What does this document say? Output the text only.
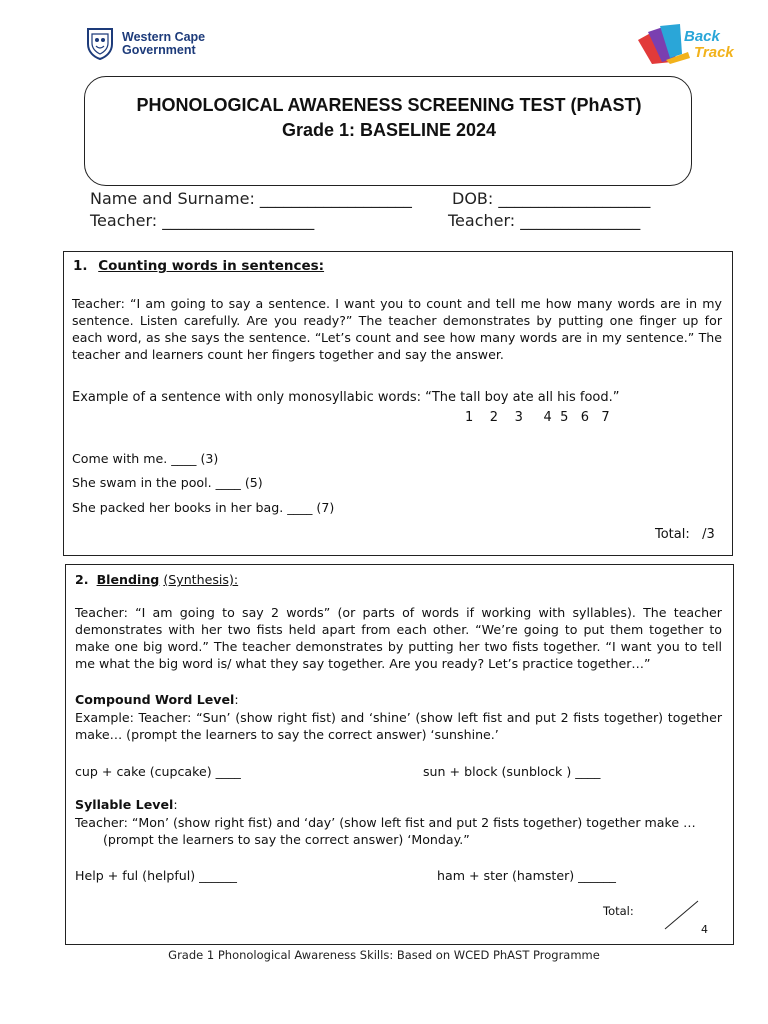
Western Cape
Government
Back
Track
PHONOLOGICAL AWARENESS SCREENING TEST (PhAST)
Grade 1: BASELINE 2024
Name and Surname: ___________________	DOB: ___________________
Teacher: ___________________	Teacher: _______________
1. Counting words in sentences:
Teacher: “I am going to say a sentence. I want you to count and tell me how many words are in my sentence. Listen carefully. Are you ready?” The teacher demonstrates by putting one finger up for each word, as she says the sentence. “Let’s count and see how many words are in my sentence.” The teacher and learners count her fingers together and say the answer.
Example of a sentence with only monosyllabic words: “The tall boy ate all his food.”
1    2    3     4  5   6   7
Come with me. ____ (3)
She swam in the pool. ____ (5)
She packed her books in her bag. ____ (7)
Total:   /3
2. Blending (Synthesis):
Teacher: “I am going to say 2 words” (or parts of words if working with syllables). The teacher demonstrates with her two fists held apart from each other. “We’re going to put them together to make one big word.” The teacher demonstrates by putting her two fists together. “I want you to tell me what the big word is/ what they say together. Are you ready? Let’s practice together…”
Compound Word Level:
Example: Teacher: “Sun’ (show right fist) and ‘shine’ (show left fist and put 2 fists together) together make… (prompt the learners to say the correct answer) ‘sunshine.’
cup + cake (cupcake) ____	sun + block (sunblock ) ____
Syllable Level:
Teacher: “Mon’ (show right fist) and ‘day’ (show left fist and put 2 fists together) together make …
(prompt the learners to say the correct answer) ‘Monday.”
Help + ful (helpful) ______	ham + ster (hamster) ______
Total:
4
Grade 1 Phonological Awareness Skills: Based on WCED PhAST Programme
